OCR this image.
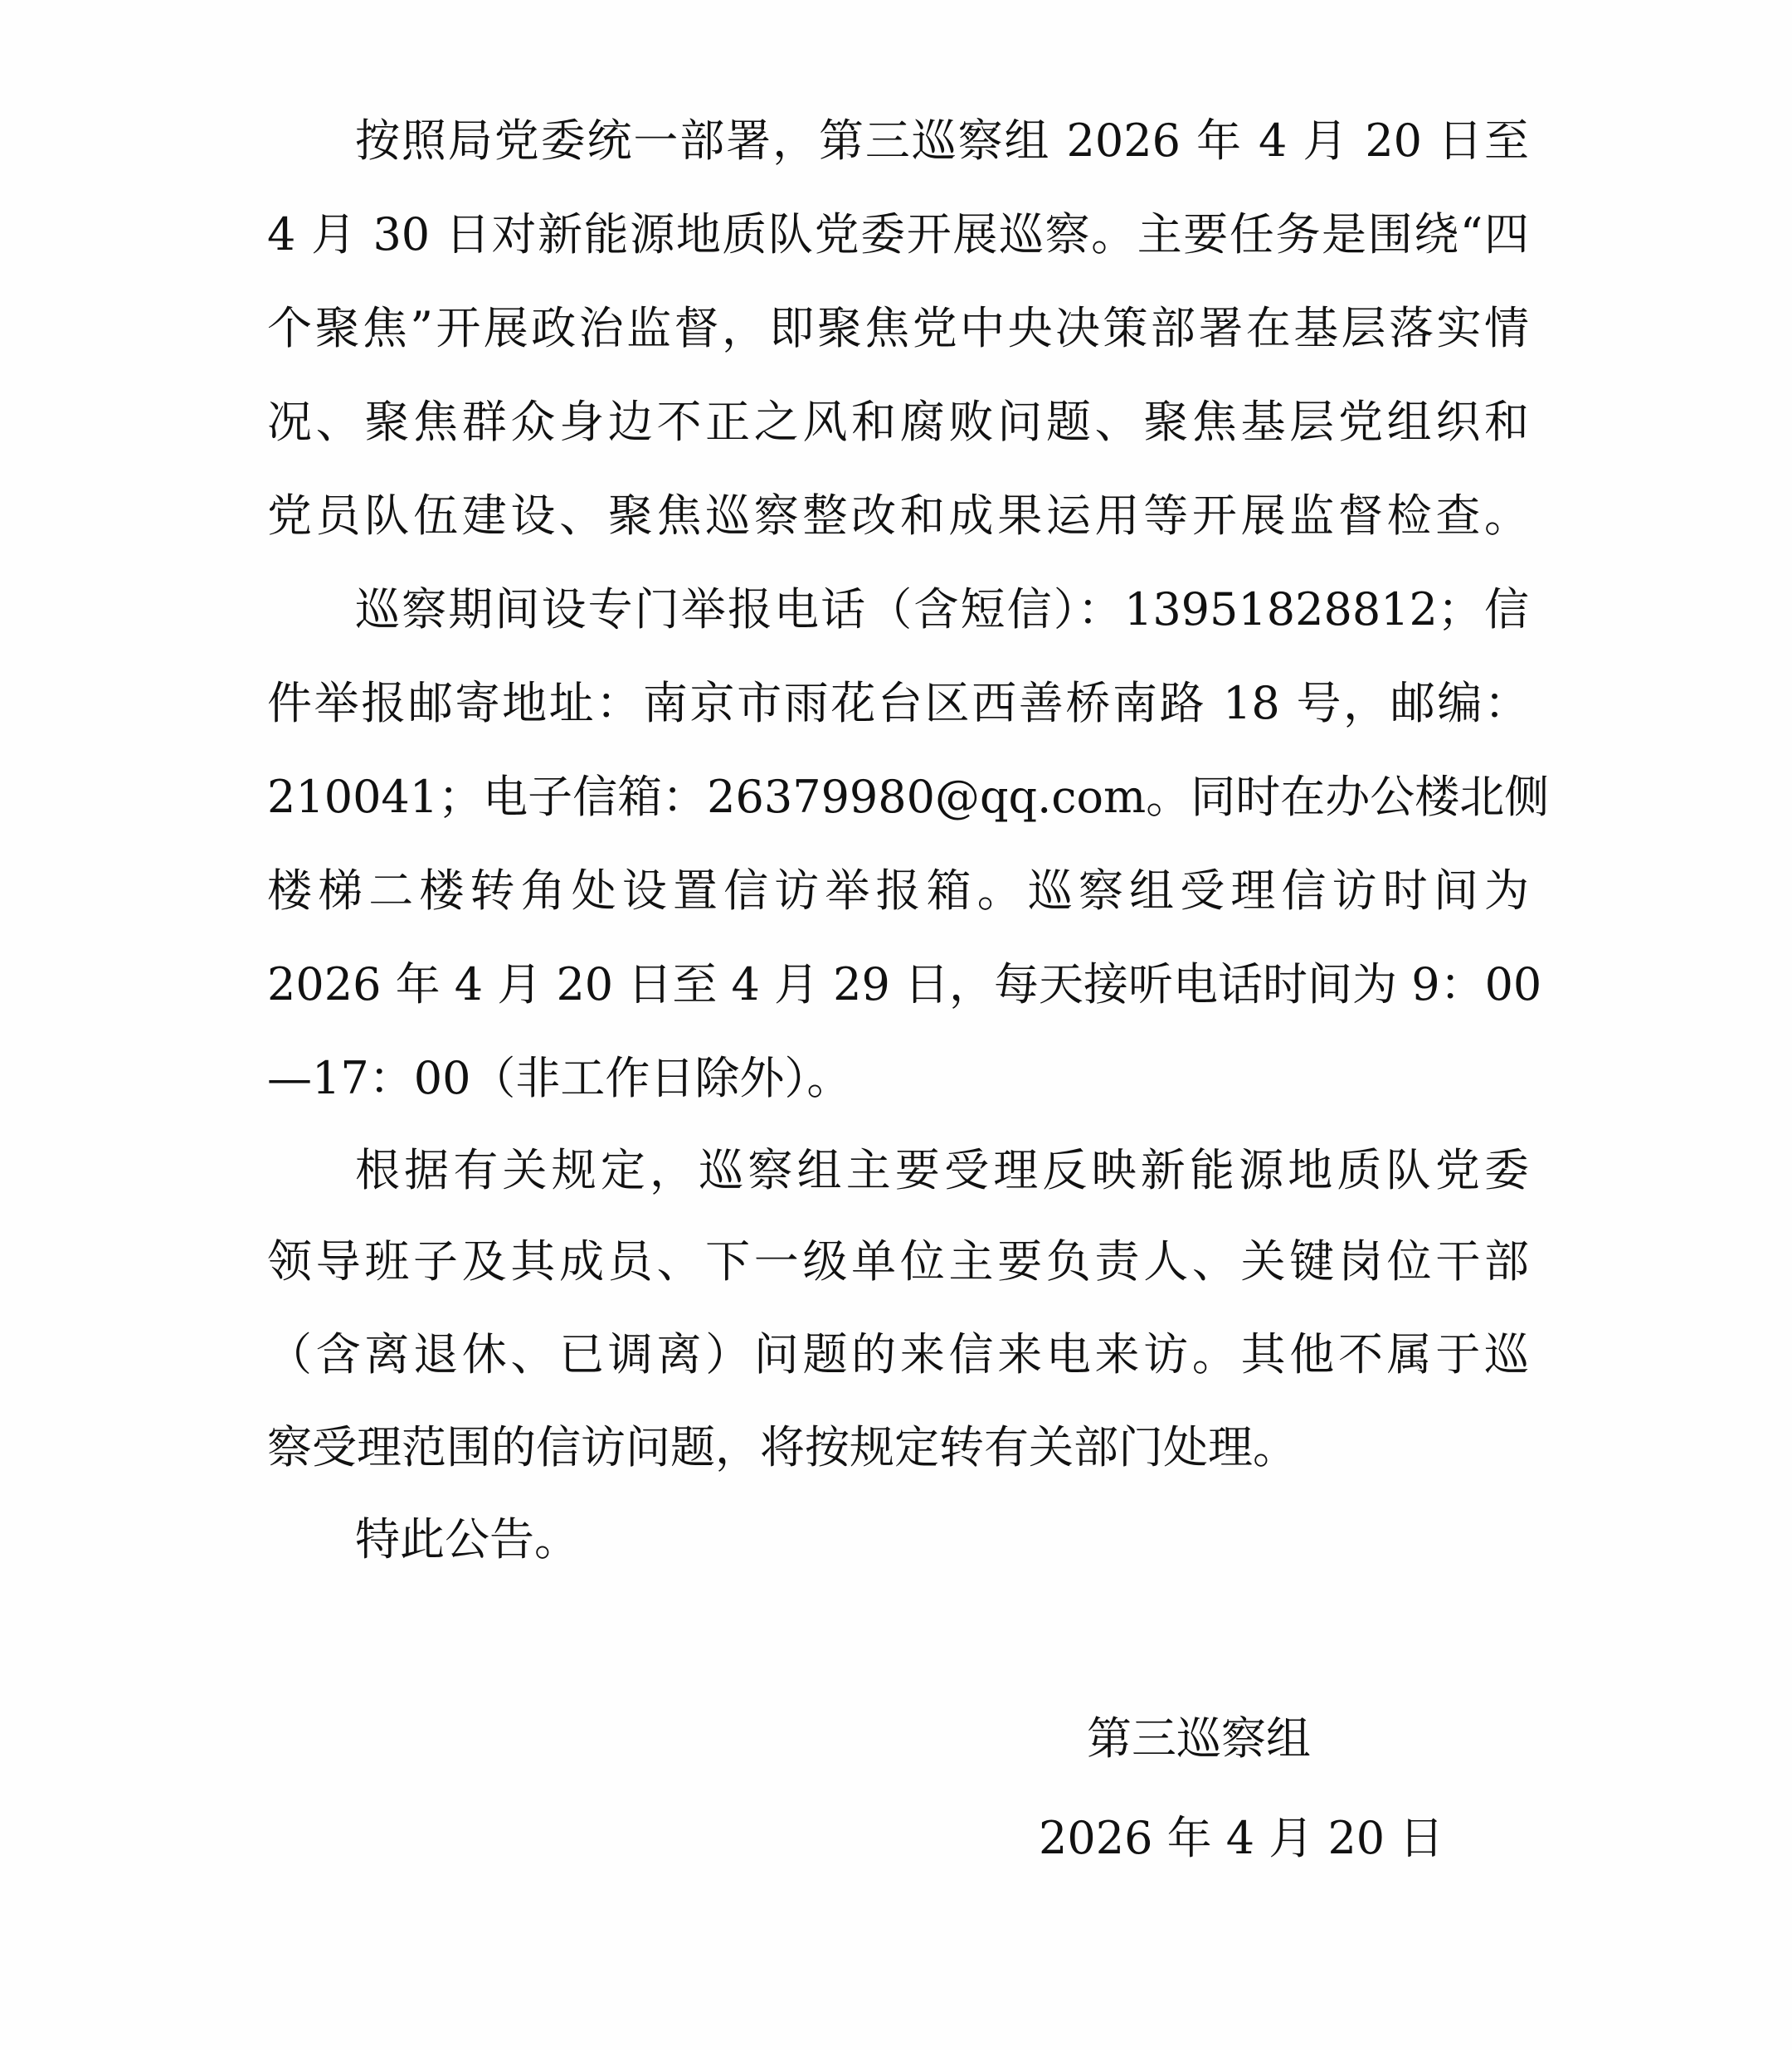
按照局党委统一部署，第三巡察组 2026 年 4 月 20 日至
4 月 30 日对新能源地质队党委开展巡察。主要任务是围绕“四
个聚焦”开展政治监督，即聚焦党中央决策部署在基层落实情
况、聚焦群众身边不正之风和腐败问题、聚焦基层党组织和
党员队伍建设、聚焦巡察整改和成果运用等开展监督检查。
巡察期间设专门举报电话（含短信）：13951828812；信
件举报邮寄地址：南京市雨花台区西善桥南路 18 号，邮编：
210041；电子信箱：26379980@qq.com。同时在办公楼北侧
楼梯二楼转角处设置信访举报箱。巡察组受理信访时间为
2026 年 4 月 20 日至 4 月 29 日，每天接听电话时间为 9：00
—17：00（非工作日除外）。
根据有关规定，巡察组主要受理反映新能源地质队党委
领导班子及其成员、下一级单位主要负责人、关键岗位干部
（含离退休、已调离）问题的来信来电来访。其他不属于巡
察受理范围的信访问题，将按规定转有关部门处理。
特此公告。
第三巡察组
2026 年 4 月 20 日
